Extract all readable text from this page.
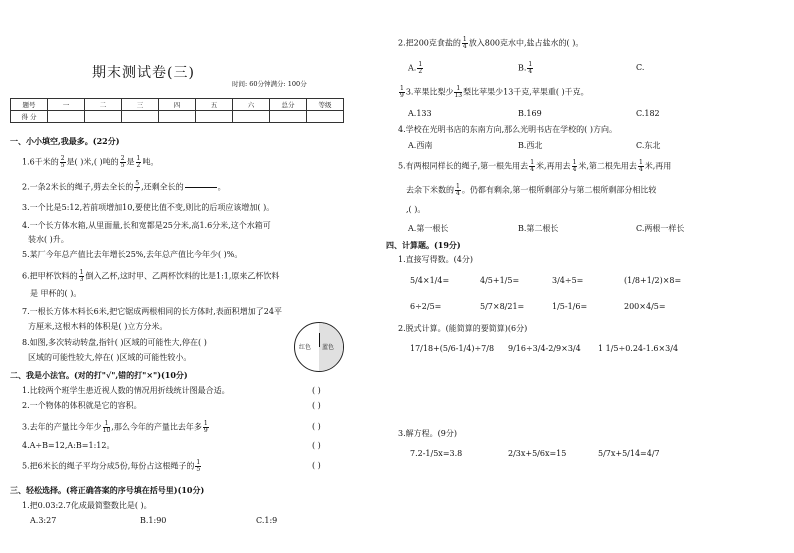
期末测试卷(三)
时间: 60分钟满分: 100分
题号	一	二	三	四	五	六	总分	等级
得 分								
一、小小填空,我最多。(22分)
1.6千米的 $\frac{2}{5}$ 是( )米,( )吨的 $\frac{2}{5}$ 是 $\frac{1}{2}$ 吨。
2.一条2米长的绳子,剪去全长的 $\frac{5}{7}$ ,还剩全长的

	。
3.一个比是5:12,若前项增加10,要使比值不变,则比的后项应该增加( )。
4.一个长方体水箱,从里面量,长和宽都是25分米,高1.6分米,这个水箱可
装水( )升。
5.某厂今年总产值比去年增长25%,去年总产值比今年少( )%。
6.把甲杯饮料的 $\frac{1}{3}$ 倒入乙杯,这时甲、乙两杯饮料的比是1:1,原来乙杯饮料
是 甲杯的( )。
7.一根长方体木料长6米,把它锯成两根相同的长方体时,表面积增加了24平
方厘米,这根木料的体积是( )立方分米。
8.如图,多次转动转盘,指针( )区域的可能性大,停在( )
区域的可能性较大,停在( )区域的可能性较小。
红色 蓝色
二、我是小法官。(对的打"√",错的打"×")(10分)
1.比较两个班学生患近视人数的情况用折线统计图最合适。	( )
2.一个物体的体积就是它的容积。	( )
3.去年的产量比今年少 $\frac{1}{10}$ ,那么今年的产量比去年多 $\frac{1}{9}$	( )
4.A÷B=12,A:B=1:12。	( )
5.把6米长的绳子平均分成5份,每份占这根绳子的 $\frac{1}{5}$	( )
三、轻松选择。(将正确答案的序号填在括号里)(10分)
1.把0.03:2.7化成最简整数比是( )。
A.3:27	B.1:90	C.1:9
2.把200克食盐的 $\frac{1}{4}$ 放入800克水中,盐占盐水的( )。
A. $\frac{1}{2}$	B. $\frac{1}{4}$	C.
$\frac{1}{9} 3$.苹果比梨少 $\frac{1}{13}$ 梨比苹果少13千克,苹果重( )千克。
A.133	B.169	C.182
4.学校在光明书店的东南方向,那么光明书店在学校的( )方向。
A.西南	B.西北	C.东北
5.有两根同样长的绳子,第一根先用去 $\frac{1}{4}$ 米,再用去 $\frac{1}{4}$ 米,第二根先用去 $\frac{1}{4}$ 米,再用
去余下米数的 $\frac{1}{4}$ 。仍都有剩余,第一根所剩部分与第二根所剩部分相比较
,( )。
A.第一根长	B.第二根长	C.两根一样长
四、计算题。(19分)
1.直接写得数。(4分)
5/4×1/4=	4/5+1/5=	3/4÷5=	(1/8+1/2)×8=
6÷2/5=	5/7×8/21=	1/5-1/6=	200×4/5=
2.脱式计算。(能简算的要简算)(6分)
17/18+(5/6-1/4)÷7/8 9/16÷3/4-2/9×3/4 1 1/5÷0.24-1.6×3/4
3.解方程。(9分)
7.2-1/5x=3.8	2/3x+5/6x=15	5/7x+5/14=4/7
